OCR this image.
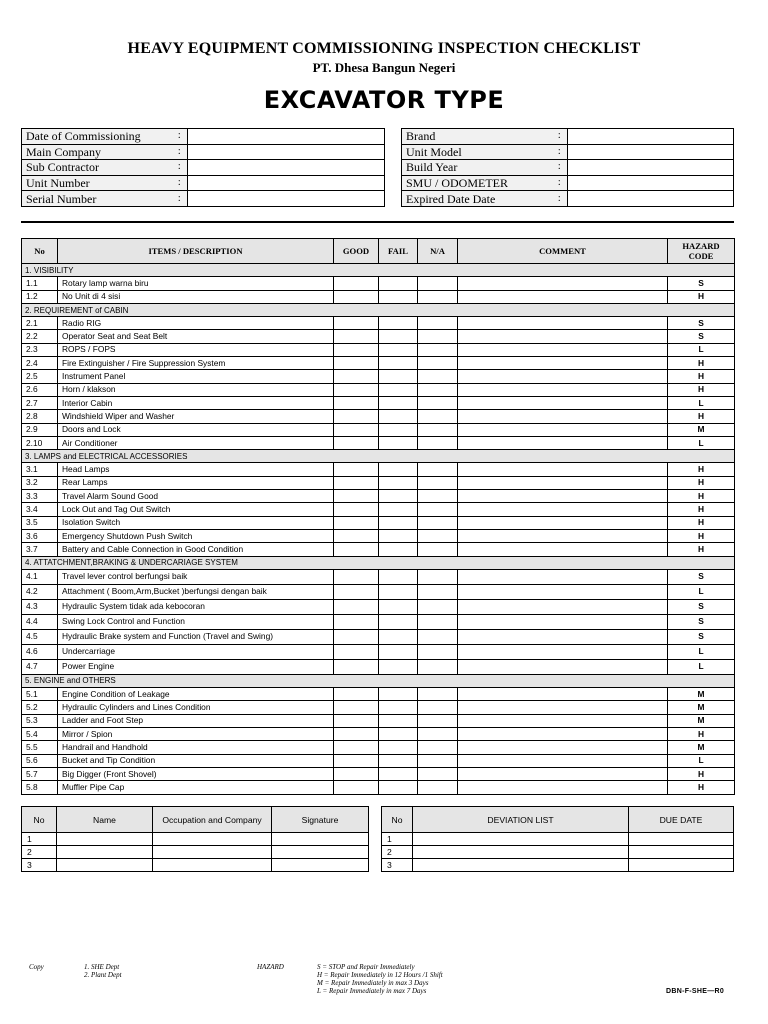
HEAVY EQUIPMENT COMMISSIONING INSPECTION CHECKLIST
PT. Dhesa Bangun Negeri
EXCAVATOR TYPE
Date of Commissioning	:	
Main Company	:	
Sub Contractor	:	
Unit Number	:	
Serial Number	:	
Brand	:	
Unit Model	:	
Build Year	:	
SMU / ODOMETER	:	
Expired Date Date	:	
No	ITEMS / DESCRIPTION	GOOD	FAIL	N/A	COMMENT	HAZARD CODE
1. VISIBILITY						
1.1	Rotary lamp warna biru					S
1.2	No Unit di 4 sisi					H
2. REQUIREMENT of CABIN						
2.1	Radio RIG					S
2.2	Operator Seat and Seat Belt					S
2.3	ROPS / FOPS					L
2.4	Fire Extinguisher / Fire Suppression System					H
2.5	Instrument Panel					H
2.6	Horn / klakson					H
2.7	Interior Cabin					L
2.8	Windshield Wiper and Washer					H
2.9	Doors and Lock					M
2.10	Air Conditioner					L
3. LAMPS and ELECTRICAL ACCESSORIES						
3.1	Head Lamps					H
3.2	Rear Lamps					H
3.3	Travel Alarm Sound Good					H
3.4	Lock Out and Tag Out Switch					H
3.5	Isolation Switch					H
3.6	Emergency Shutdown Push Switch					H
3.7	Battery and Cable Connection in Good Condition					H
4. ATTATCHMENT,BRAKING & UNDERCARIAGE SYSTEM						
4.1	Travel lever control berfungsi baik					S
4.2	Attachment ( Boom,Arm,Bucket )berfungsi dengan baik					L
4.3	Hydraulic System tidak ada kebocoran					S
4.4	Swing Lock Control and Function					S
4.5	Hydraulic Brake system and Function (Travel and Swing)					S
4.6	Undercarriage					L
4.7	Power Engine					L
5. ENGINE and OTHERS						
5.1	Engine Condition of Leakage					M
5.2	Hydraulic Cylinders and Lines Condition					M
5.3	Ladder and Foot Step					M
5.4	Mirror / Spion					H
5.5	Handrail and Handhold					M
5.6	Bucket and Tip Condition					L
5.7	Big Digger (Front Shovel)					H
5.8	Muffler Pipe Cap					H
No	Name	Occupation and Company	Signature
1			
2			
3			
No	DEVIATION LIST	DUE DATE
1		
2		
3		
Copy	1. SHE Dept
2. Plant Dept
HAZARD	S = STOP and Repair Immediately
H = Repair Immediately in 12 Hours /1 Shift
M = Repair Immediately in max 3 Days
L = Repair Immediately in max 7 Days	DBN-F-SHE—R0
